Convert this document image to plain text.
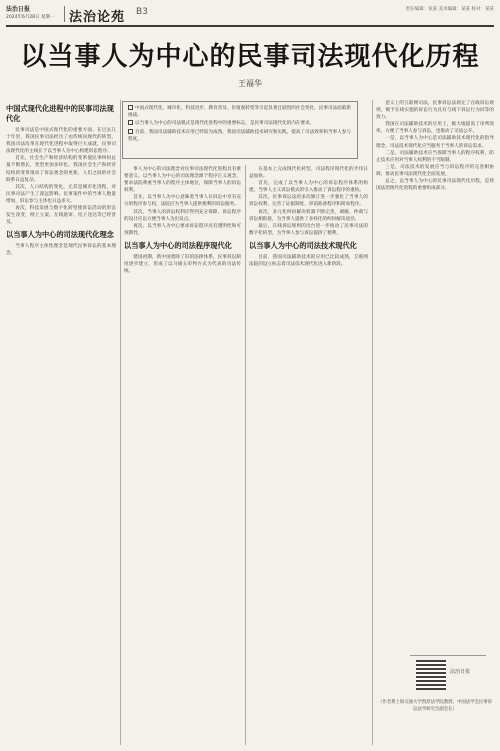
法治日报
2024年6月28日 星期一 法治论苑 B3	责任编辑：张某 美术编辑：某某 校对：某某
以当事人为中心的民事司法现代化历程
王福华
中国式现代化、城市化、科技进步、教育普及、价值观转型等引起显著且剧烈的社会变化，民事司法面临新挑战。
以当事人为中心的司法模式是现代化进程中的重要标志，是民事司法现代化的内在要求。
目前，我国司法辅助技术应用已经较为成熟，我国司法辅助技术研究和实践，提高了司法效率和当事人参与程度。
中国式现代化进程中的民事司法现代化

民事司法是中国式现代化的重要方面。在过去几十年里，我国民事司法经历了由传统向现代的转型。我国司法改革在现代化进程中取得巨大成就，民事司法现代化的主线在于以当事人为中心构建诉讼程序。

首先，社会生产和经济结构的变革使民事纠纷总量不断增长，类型更加多样化。我国社会生产和经济结构的变革推动了诉讼观念的更新，人们之间的社会联系日益复杂。

其次，人口结构的变化，尤其是城市化进程，对民事司法产生了深远影响。民事案件中的当事人数量增加，诉讼参与主体也日益多元。

再次，科技发展与数字化转型使诉讼活动的形态发生改变，网上立案、在线庭审、电子送达等已经普及。

以当事人为中心的司法现代化理念

当事人程序主体性理念是现代民事诉讼的基本理念。

事人为中心的司法理念对民事司法现代化进程具有重要意义。以当事人为中心的司法理念源于程序正义观念，要求法院尊重当事人的程序主体地位，保障当事人的诉讼权利。

首先，以当事人为中心意味着当事人在诉讼中享有充分的程序参与权，法院应为当事人提供便利的诉讼服务。

其次，当事人的诉讼权利应得到充分保障，诉讼程序的设计应以方便当事人为出发点。

再次，以当事人为中心要求诉讼程序具有透明性和可预期性。

以当事人为中心的司法程序现代化

建国初期，新中国废除了旧的法律体系，民事诉讼制度逐步建立，形成了以马锡五审判方式为代表的司法传统。

在基本上完成现代化转型，司法程序现代化的步伐日益加快。

首先，完成了以当事人为中心的诉讼程序体系的构建。当事人主义诉讼模式的引入推动了诉讼程序的重构。

其次，民事诉讼法的多次修订进一步强化了当事人的诉讼权利，完善了证据制度、审前准备程序和简易程序。

再次，多元化纠纷解决机制不断完善，调解、仲裁与诉讼相衔接，为当事人提供了多样化的纠纷解决途径。

最后，在线诉讼规则的出台进一步推动了民事司法的数字化转型，为当事人参与诉讼提供了便利。

以当事人为中心的司法技术现代化

目前，我国司法辅助技术的应用已比较成熟，互联网法院的设立标志着司法技术现代化进入新阶段。

意义上的互联网司法，民事诉讼法规定了在线诉讼规则，赋予在线实施的诉讼行为具有与线下诉讼行为同等的效力。

我国在司法辅助技术的应用上，极大地提高了审判效率，方便了当事人参与诉讼，也推动了司法公开。

一是，以当事人为中心是司法辅助技术现代化的指导理念，司法技术现代化应当服务于当事人的诉讼需求。

二是，司法辅助技术应当保障当事人的程序权利，防止技术应用对当事人权利的不当限制。

三是，司法技术的发展应当与诉讼程序的完善相协调，推动民事司法现代化全面发展。

总之，以当事人为中心的民事司法现代化历程，是我国法治现代化进程的重要组成部分。

法治日报
（作者系上海交通大学凯原法学院教授、中国法学会民事诉讼法学研究会副会长）
